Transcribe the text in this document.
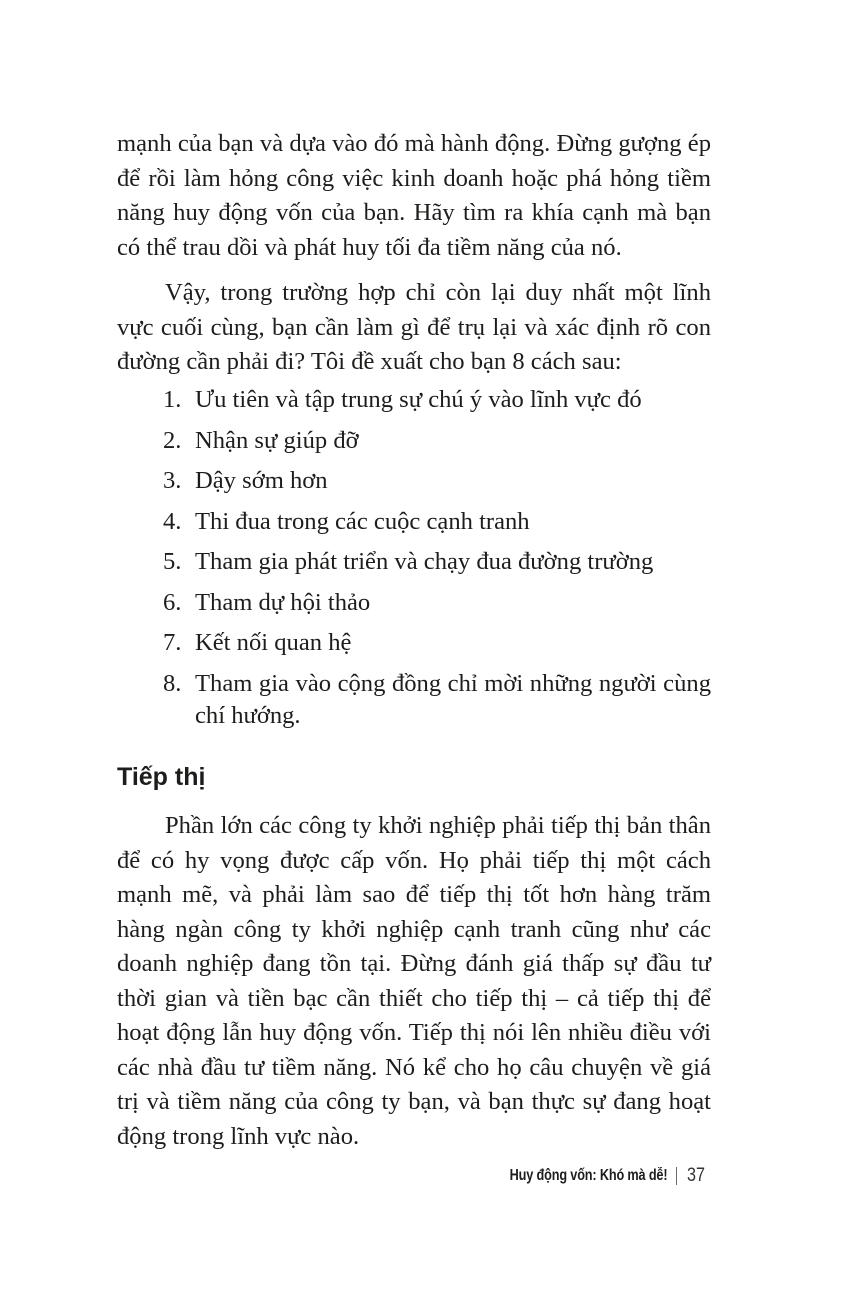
mạnh của bạn và dựa vào đó mà hành động. Đừng gượng ép để rồi làm hỏng công việc kinh doanh hoặc phá hỏng tiềm năng huy động vốn của bạn. Hãy tìm ra khía cạnh mà bạn có thể trau dồi và phát huy tối đa tiềm năng của nó.

Vậy, trong trường hợp chỉ còn lại duy nhất một lĩnh vực cuối cùng, bạn cần làm gì để trụ lại và xác định rõ con đường cần phải đi? Tôi đề xuất cho bạn 8 cách sau:

1. Ưu tiên và tập trung sự chú ý vào lĩnh vực đó
2. Nhận sự giúp đỡ
3. Dậy sớm hơn
4. Thi đua trong các cuộc cạnh tranh
5. Tham gia phát triển và chạy đua đường trường
6. Tham dự hội thảo
7. Kết nối quan hệ
8. Tham gia vào cộng đồng chỉ mời những người cùng chí hướng.
Tiếp thị

Phần lớn các công ty khởi nghiệp phải tiếp thị bản thân để có hy vọng được cấp vốn. Họ phải tiếp thị một cách mạnh mẽ, và phải làm sao để tiếp thị tốt hơn hàng trăm hàng ngàn công ty khởi nghiệp cạnh tranh cũng như các doanh nghiệp đang tồn tại. Đừng đánh giá thấp sự đầu tư thời gian và tiền bạc cần thiết cho tiếp thị – cả tiếp thị để hoạt động lẫn huy động vốn. Tiếp thị nói lên nhiều điều với các nhà đầu tư tiềm năng. Nó kể cho họ câu chuyện về giá trị và tiềm năng của công ty bạn, và bạn thực sự đang hoạt động trong lĩnh vực nào.

Huy động vốn: Khó mà dễ! 37
